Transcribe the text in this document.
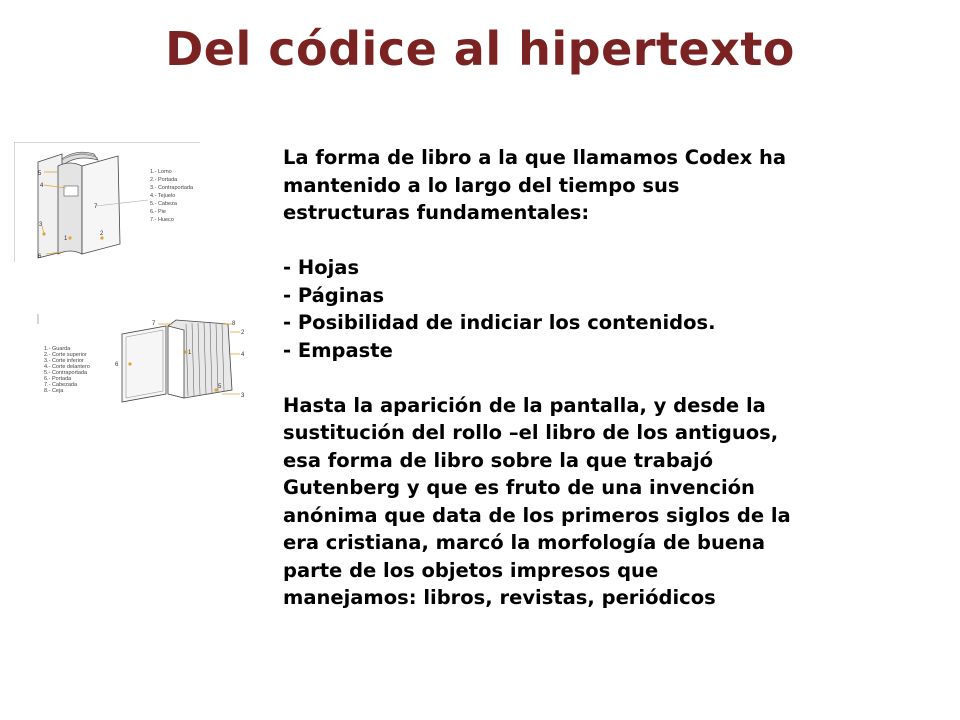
Del códice al hipertexto
5
4
7
3
1
2
6
1.- Lomo
2.- Portada
3.- Contraportada
4.- Tejuelo
5.- Cabeza
6.- Pie
7.- Hueco
1.- Guarda
2.- Corte superior
3.- Corte inferior
4.- Corte delantero
5.- Contraportada
6.- Portada
7.- Cabezada
8.- Ceja
7	8
2
6
1	4
5
3

La forma de libro a la que llamamos Codex ha

mantenido a lo largo del tiempo sus

estructuras fundamentales:

- Hojas

- Páginas

- Posibilidad de indiciar los contenidos.

- Empaste

Hasta la aparición de la pantalla, y desde la

sustitución del rollo –el libro de los antiguos,

esa forma de libro sobre la que trabajó

Gutenberg y que es fruto de una invención

anónima que data de los primeros siglos de la

era cristiana, marcó la morfología de buena

parte de los objetos impresos que

manejamos: libros, revistas, periódicos
